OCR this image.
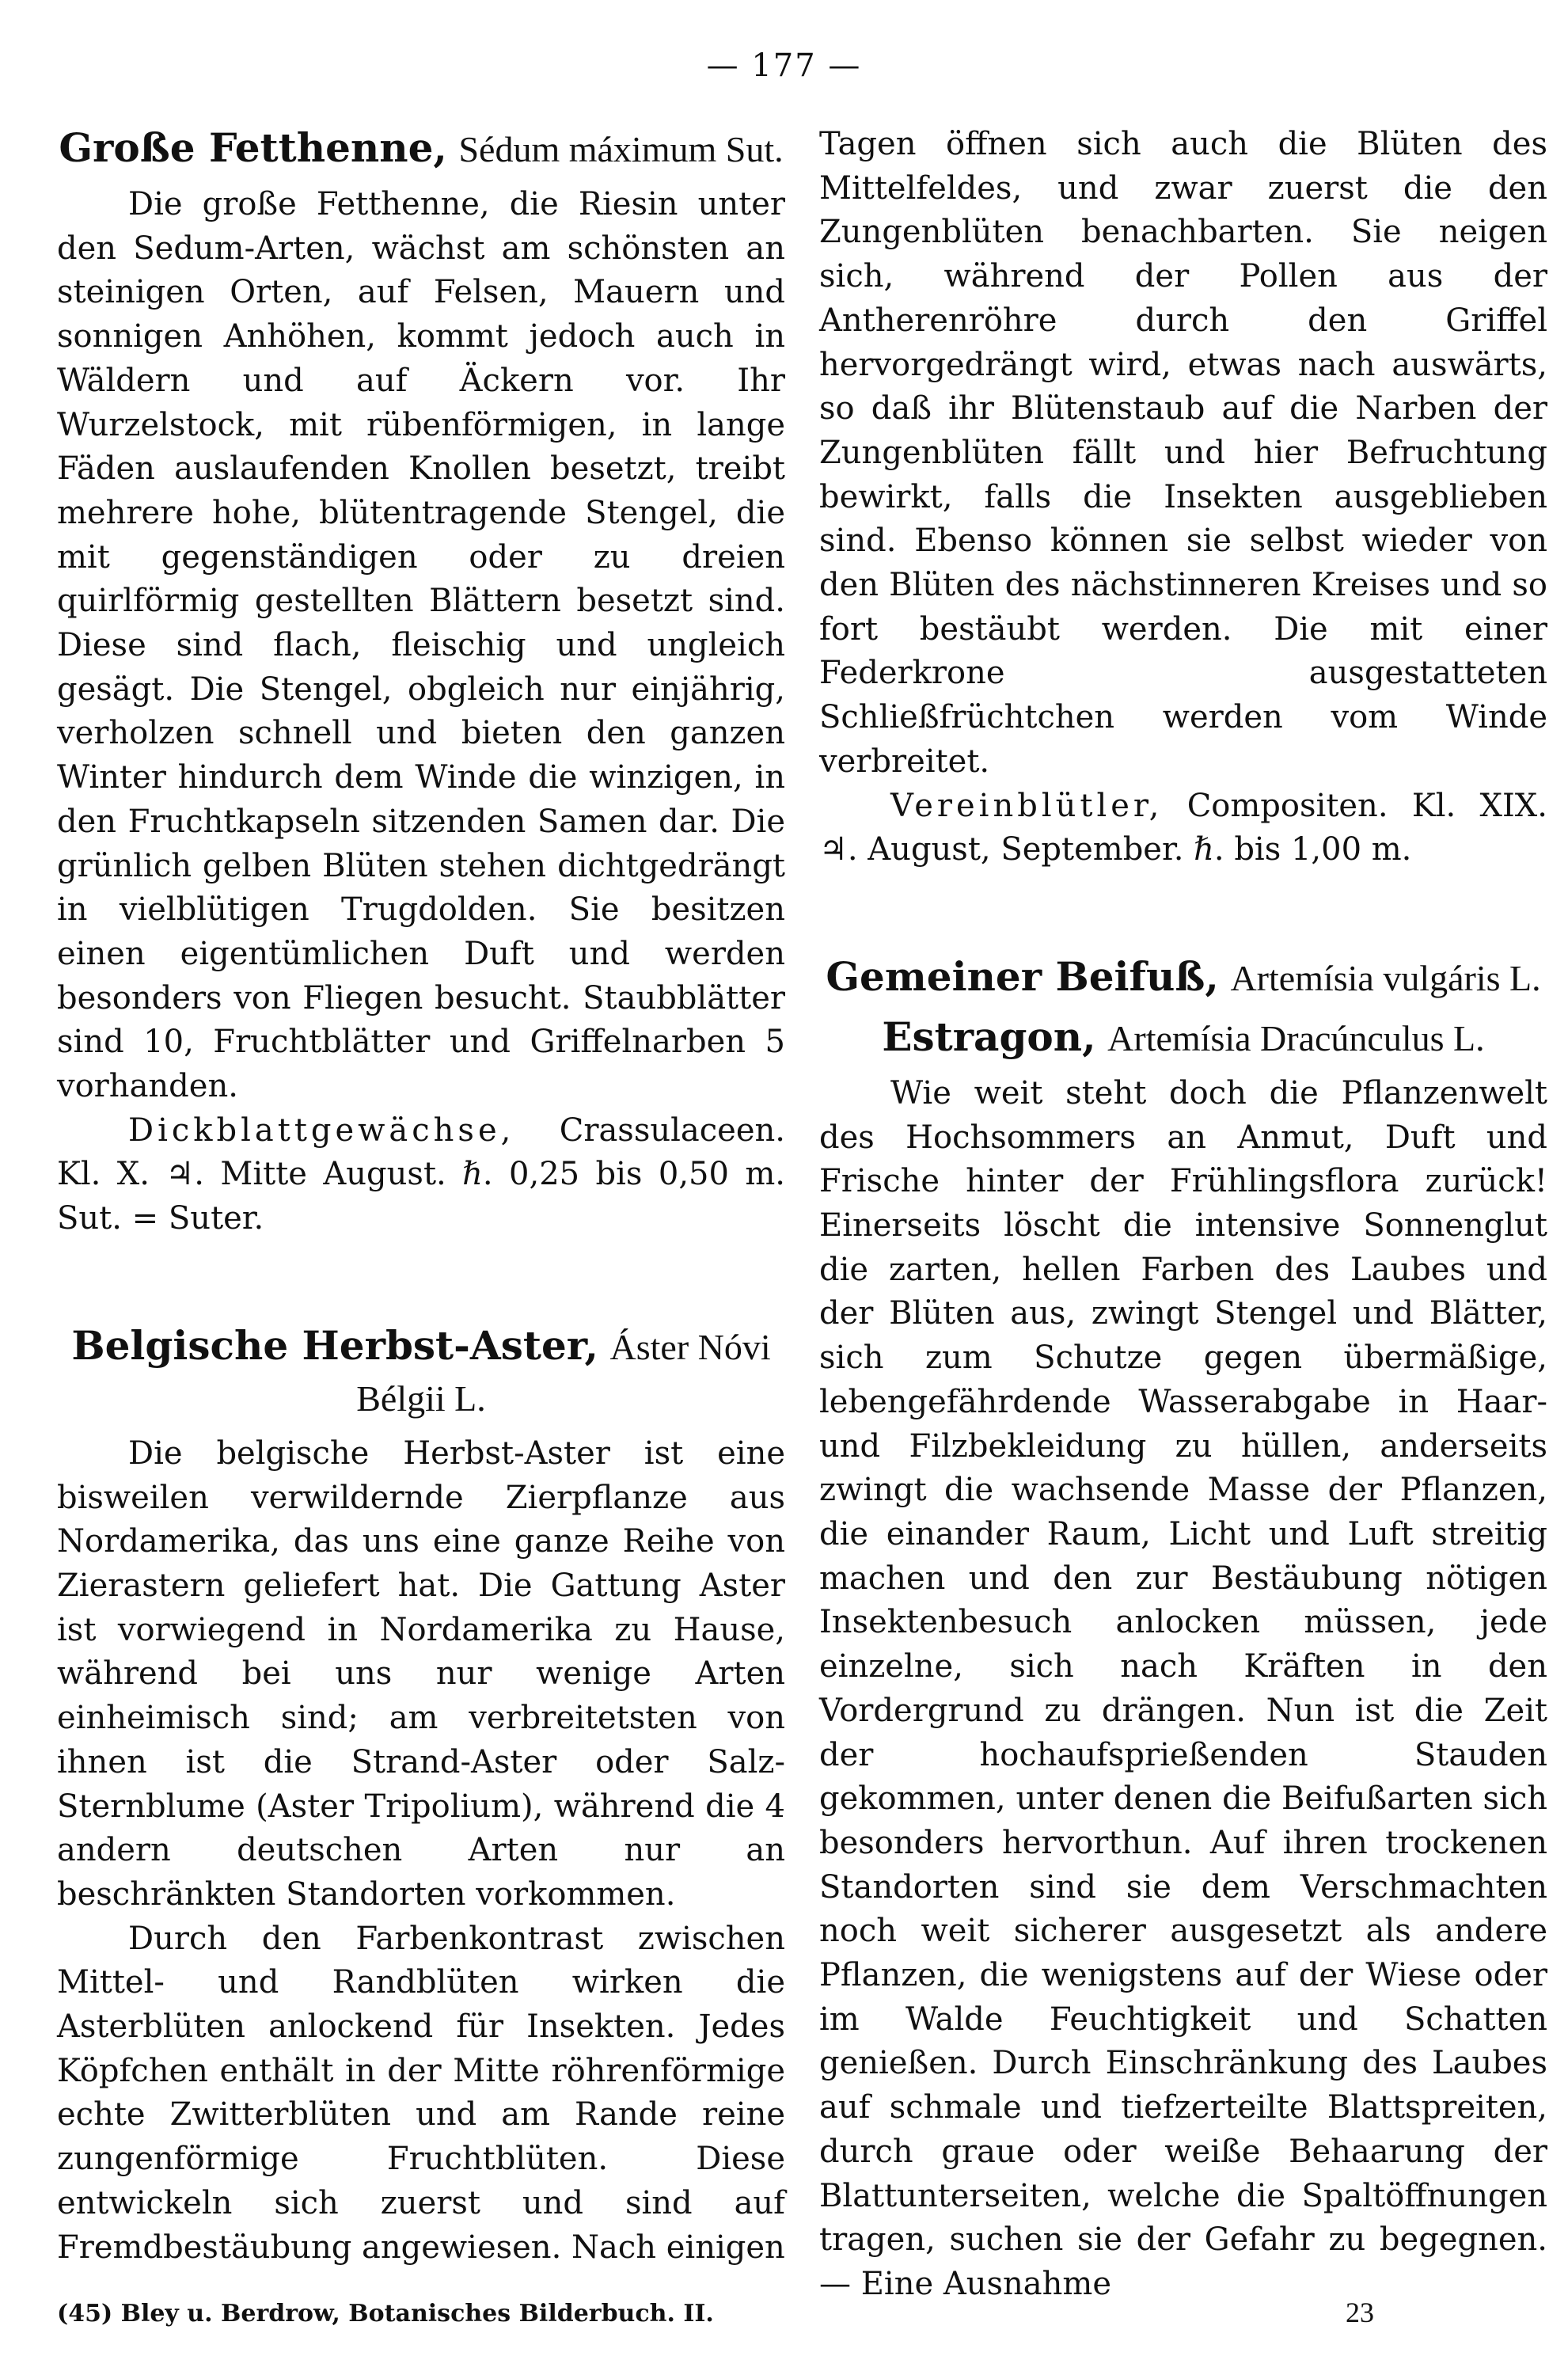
— 177 —
Große Fetthenne, Sédum máximum Sut.

Die große Fetthenne, die Riesin unter den Sedum-Arten, wächst am schönsten an steinigen Orten, auf Felsen, Mauern und sonnigen Anhöhen, kommt jedoch auch in Wäldern und auf Äckern vor. Ihr Wurzelstock, mit rübenförmigen, in lange Fäden auslaufenden Knollen besetzt, treibt mehrere hohe, blütentragende Stengel, die mit gegenständigen oder zu dreien quirlförmig gestellten Blättern besetzt sind. Diese sind flach, fleischig und ungleich gesägt. Die Stengel, obgleich nur einjährig, verholzen schnell und bieten den ganzen Winter hindurch dem Winde die winzigen, in den Fruchtkapseln sitzenden Samen dar. Die grünlich gelben Blüten stehen dichtgedrängt in vielblütigen Trugdolden. Sie besitzen einen eigentümlichen Duft und werden besonders von Fliegen besucht. Staubblätter sind 10, Fruchtblätter und Griffelnarben 5 vorhanden.

Dickblattgewächse, Crassulaceen. Kl. X. ♃. Mitte August. ℏ. 0,25 bis 0,50 m. Sut. = Suter.

Belgische Herbst-Aster, Áster Nóvi Bélgii L.

Die belgische Herbst-Aster ist eine bisweilen verwildernde Zierpflanze aus Nordamerika, das uns eine ganze Reihe von Zierastern geliefert hat. Die Gattung Aster ist vorwiegend in Nordamerika zu Hause, während bei uns nur wenige Arten einheimisch sind; am verbreitetsten von ihnen ist die Strand-Aster oder Salz-Sternblume (Aster Tripolium), während die 4 andern deutschen Arten nur an beschränkten Standorten vorkommen.

Durch den Farbenkontrast zwischen Mittel- und Randblüten wirken die Asterblüten anlockend für Insekten. Jedes Köpfchen enthält in der Mitte röhrenförmige echte Zwitterblüten und am Rande reine zungenförmige Fruchtblüten. Diese entwickeln sich zuerst und sind auf Fremdbestäubung angewiesen. Nach einigen

Tagen öffnen sich auch die Blüten des Mittelfeldes, und zwar zuerst die den Zungenblüten benachbarten. Sie neigen sich, während der Pollen aus der Antherenröhre durch den Griffel hervorgedrängt wird, etwas nach auswärts, so daß ihr Blütenstaub auf die Narben der Zungenblüten fällt und hier Befruchtung bewirkt, falls die Insekten ausgeblieben sind. Ebenso können sie selbst wieder von den Blüten des nächstinneren Kreises und so fort bestäubt werden. Die mit einer Federkrone ausgestatteten Schließfrüchtchen werden vom Winde verbreitet.

Vereinblütler, Compositen. Kl. XIX. ♃. August, September. ℏ. bis 1,00 m.

Gemeiner Beifuß, Artemísia vulgáris L.
Estragon, Artemísia Dracúnculus L.

Wie weit steht doch die Pflanzenwelt des Hochsommers an Anmut, Duft und Frische hinter der Frühlingsflora zurück! Einerseits löscht die intensive Sonnenglut die zarten, hellen Farben des Laubes und der Blüten aus, zwingt Stengel und Blätter, sich zum Schutze gegen übermäßige, lebengefährdende Wasserabgabe in Haar- und Filzbekleidung zu hüllen, anderseits zwingt die wachsende Masse der Pflanzen, die einander Raum, Licht und Luft streitig machen und den zur Bestäubung nötigen Insektenbesuch anlocken müssen, jede einzelne, sich nach Kräften in den Vordergrund zu drängen. Nun ist die Zeit der hochaufsprießenden Stauden gekommen, unter denen die Beifußarten sich besonders hervorthun. Auf ihren trockenen Standorten sind sie dem Verschmachten noch weit sicherer ausgesetzt als andere Pflanzen, die wenigstens auf der Wiese oder im Walde Feuchtigkeit und Schatten genießen. Durch Einschränkung des Laubes auf schmale und tiefzerteilte Blattspreiten, durch graue oder weiße Behaarung der Blattunterseiten, welche die Spaltöffnungen tragen, suchen sie der Gefahr zu begegnen. — Eine Ausnahme

(45) Bley u. Berdrow, Botanisches Bilderbuch. II.	23
